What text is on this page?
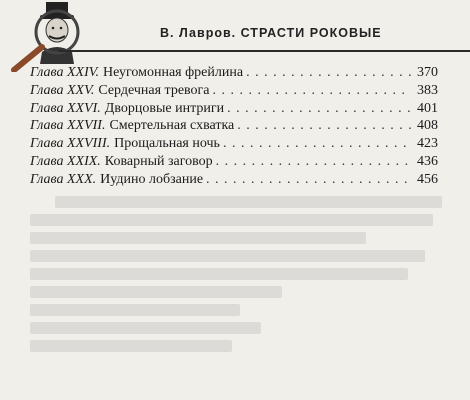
В. Лавров. СТРАСТИ РОКОВЫЕ
Глава XXIV. Неугомонная фрейлина . . .	370
Глава XXV. Сердечная тревога . . .	383
Глава XXVI. Дворцовые интриги . . .	401
Глава XXVII. Смертельная схватка . . .	408
Глава XXVIII. Прощальная ночь . . .	423
Глава XXIX. Коварный заговор . . .	436
Глава XXX. Иудино лобзание . . .	456
